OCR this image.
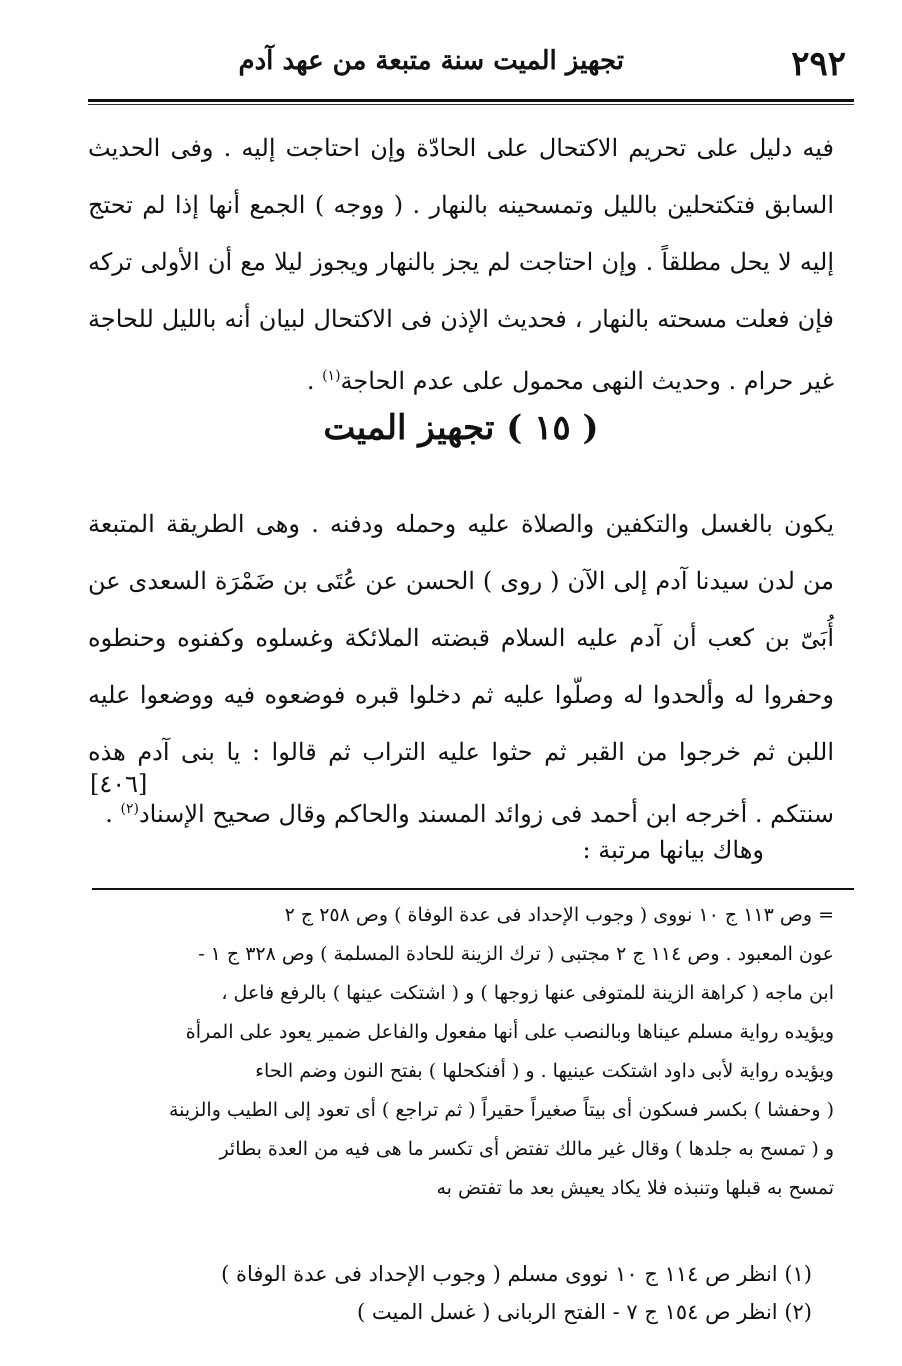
٢٩٢
تجهيز الميت سنة متبعة من عهد آدم
فيه دليل على تحريم الاكتحال على الحادّة وإن احتاجت إليه . وفى الحديث السابق فتكتحلين بالليل وتمسحينه بالنهار . ( ووجه ) الجمع أنها إذا لم تحتج إليه لا يحل مطلقاً . وإن احتاجت لم يجز بالنهار ويجوز ليلا مع أن الأولى تركه فإن فعلت مسحته بالنهار ، فحديث الإذن فى الاكتحال لبيان أنه بالليل للحاجة غير حرام . وحديث النهى محمول على عدم الحاجة$^{(١)}$ .
( ١٥ ) تجهيز الميت
يكون بالغسل والتكفين والصلاة عليه وحمله ودفنه . وهى الطريقة المتبعة من لدن سيدنا آدم إلى الآن ( روى ) الحسن عن عُتَى بن ضَمْرَة السعدى عن أُبَىّ بن كعب أن آدم عليه السلام قبضته الملائكة وغسلوه وكفنوه وحنطوه وحفروا له وألحدوا له وصلّوا عليه ثم دخلوا قبره فوضعوه فيه ووضعوا عليه اللبن ثم خرجوا من القبر ثم حثوا عليه التراب ثم قالوا : يا بنى آدم هذه سنتكم . أخرجه ابن أحمد فى زوائد المسند والحاكم وقال صحيح الإسناد$^{(٢)}$ .
[٤٠٦]
وهاك بيانها مرتبة :

= وص ١١٣ ج ١٠ نووى ( وجوب الإحداد فى عدة الوفاة ) وص ٢٥٨ ج ٢

عون المعبود . وص ١١٤ ج ٢ مجتبى ( ترك الزينة للحادة المسلمة ) وص ٣٢٨ ج ١ -

ابن ماجه ( كراهة الزينة للمتوفى عنها زوجها ) و ( اشتكت عينها ) بالرفع فاعل ،

ويؤيده رواية مسلم عيناها وبالنصب على أنها مفعول والفاعل ضمير يعود على المرأة

ويؤيده رواية لأبى داود اشتكت عينيها . و ( أفنكحلها ) بفتح النون وضم الحاء

( وحفشا ) بكسر فسكون أى بيتاً صغيراً حقيراً ( ثم تراجع ) أى تعود إلى الطيب والزينة

و ( تمسح به جلدها ) وقال غير مالك تفتض أى تكسر ما هى فيه من العدة بطائر

تمسح به قبلها وتنبذه فلا يكاد يعيش بعد ما تفتض به

(١) انظر ص ١١٤ ج ١٠ نووى مسلم ( وجوب الإحداد فى عدة الوفاة )
(٢) انظر ص ١٥٤ ج ٧ - الفتح الربانى ( غسل الميت )
